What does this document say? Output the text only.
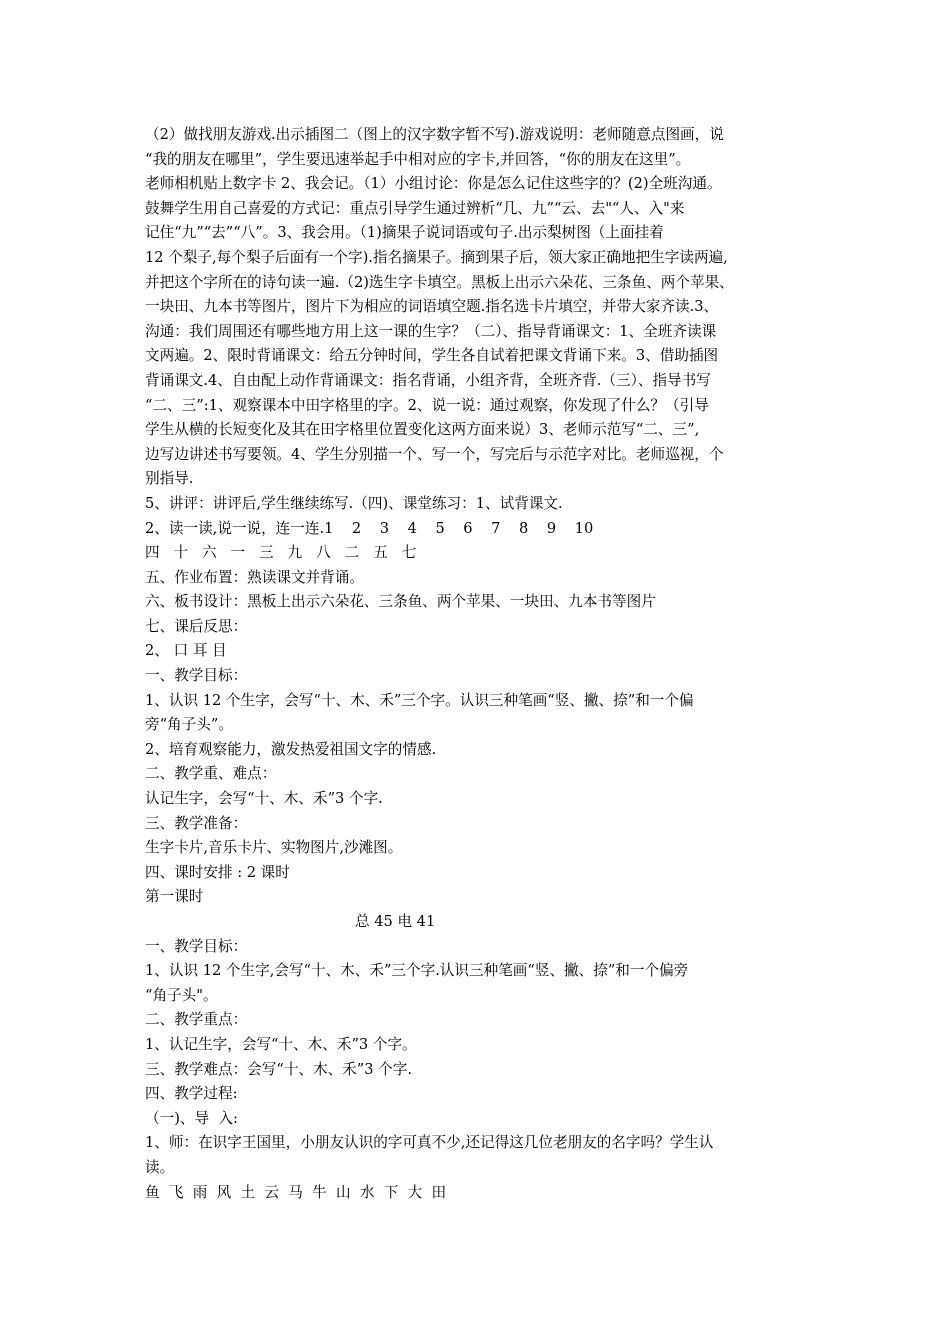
（2）做找朋友游戏.出示插图二（图上的汉字数字暂不写).游戏说明：老师随意点图画，说
“我的朋友在哪里”，学生要迅速举起手中相对应的字卡,并回答，“你的朋友在这里”。
老师相机贴上数字卡 2、我会记。（1）小组讨论：你是怎么记住这些字的？(2)全班沟通。
鼓舞学生用自己喜爱的方式记：重点引导学生通过辨析“几、九”“云、去"“人、入"来
记住“九”“去”“八”。3、我会用。（1)摘果子说词语或句子.出示梨树图（上面挂着
12 个梨子,每个梨子后面有一个字).指名摘果子。摘到果子后，领大家正确地把生字读两遍,
并把这个字所在的诗句读一遍.（2)选生字卡填空。黑板上出示六朵花、三条鱼、两个苹果、
一块田、九本书等图片，图片下为相应的词语填空题.指名选卡片填空，并带大家齐读.3、
沟通：我们周围还有哪些地方用上这一课的生字？（二）、指导背诵课文：1、全班齐读课
文两遍。2、限时背诵课文：给五分钟时间，学生各自试着把课文背诵下来。3、借助插图
背诵课文.4、自由配上动作背诵课文：指名背诵，小组齐背，全班齐背.（三）、指导书写
“二、三”:1、观察课本中田字格里的字。2、说一说：通过观察，你发现了什么？（引导
学生从横的长短变化及其在田字格里位置变化这两方面来说）3、老师示范写“二、三”,
边写边讲述书写要领。4、学生分别描一个、写一个，写完后与示范字对比。老师巡视，个
别指导.
5、讲评：讲评后,学生继续练写.（四)、课堂练习：1、试背课文.
2、读一读,说一说，连一连.1    2    3    4    5    6    7    8    9    10
四   十   六   一   三   九   八   二   五   七
五、作业布置：熟读课文并背诵。
六、板书设计：黑板上出示六朵花、三条鱼、两个苹果、一块田、九本书等图片
七、课后反思：
2、 口 耳 目
一、教学目标：
1、认识 12 个生字，会写“十、木、禾”三个字。认识三种笔画“竖、撇、捺”和一个偏
旁“角子头”。
2、培育观察能力，激发热爱祖国文字的情感.
二、教学重、难点：
认记生字，会写“十、木、禾”3 个字.
三、教学准备：
生字卡片,音乐卡片、实物图片,沙滩图。
四、课时安排 : 2 课时
第一课时
总 45 电 41
一、教学目标：
1、认识 12 个生字,会写“十、木、禾”三个字.认识三种笔画“竖、撇、捺”和一个偏旁
“角子头"。
二、教学重点：
1、认记生字，会写“十、木、禾”3 个字。
三、教学难点：会写“十、木、禾”3 个字.
四、教学过程:
（一)、导  入:
1、师：在识字王国里，小朋友认识的字可真不少,还记得这几位老朋友的名字吗？学生认
读。
鱼  飞  雨  风  土  云  马  牛  山  水  下  大  田
